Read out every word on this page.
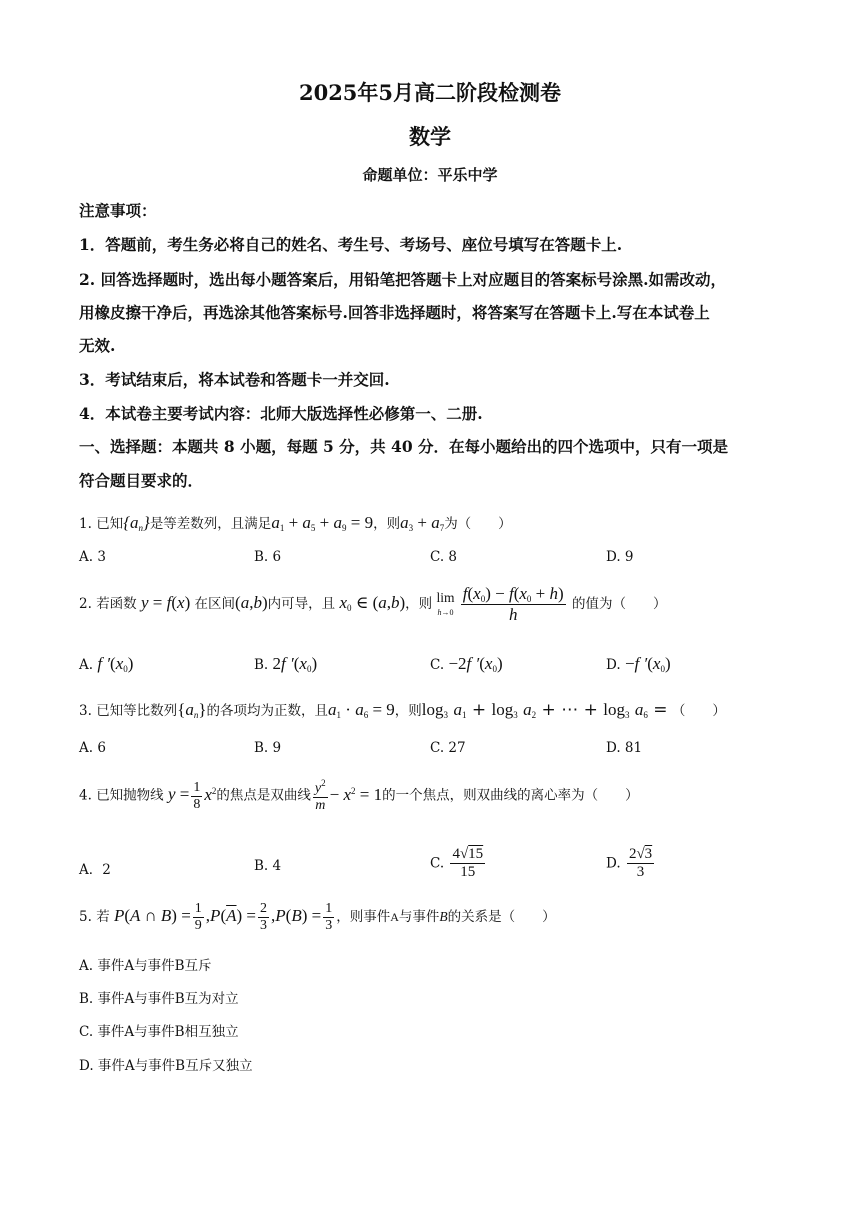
2025年5月高二阶段检测卷
数学
命题单位：平乐中学
注意事项：
1．答题前，考生务必将自己的姓名、考生号、考场号、座位号填写在答题卡上.
2. 回答选择题时，选出每小题答案后，用铅笔把答题卡上对应题目的答案标号涂黑.如需改动，
用橡皮擦干净后，再选涂其他答案标号.回答非选择题时，将答案写在答题卡上.写在本试卷上
无效.
3．考试结束后，将本试卷和答题卡一并交回.
4．本试卷主要考试内容：北师大版选择性必修第一、二册.
一、选择题：本题共 8 小题，每题 5 分，共 40 分．在每小题给出的四个选项中，只有一项是
符合题目要求的．
1. 已知$\{a_n\}$是等差数列，且满足$a_1 + a_5 + a_9 = 9$，则$a_3 + a_7$为（　　）
A. 3	B. 6	C. 8	D. 9
2. 若函数 y = f(x) 在区间(a,b)内可导，且 $x_0$ ∈ (a,b)，则 lim
$h\to 0 \frac{f(x_0) - f(x_0 + h)}{h}$ 的值为（　　）
A. f $'(x_0)$	B. 2f $'(x_0)$	C. −2f $'(x_0)$	D. −f $'(x_0)$
3. 已知等比数列$\{a_n\}$的各项均为正数，且$a_1 \cdot a_6 = 9$，则$\log_3 a_1 + \log_3 a_2$ + ⋯ + $\log_3 a_6$ = （　　）
A. 6	B. 9	C. 27	D. 81
4. 已知抛物线 $y = \frac{1}{8} x^2$的焦点是双曲线 $\frac{y^2}{m} - x^2 = 1$的一个焦点，则双曲线的离心率为（　　）
A．2	B. 4	C. $\frac{4√15}{15}$	D. $\frac{2√3}{3}$
5. 若 P(A ∩ $B) = \frac{1}{9} ,P(\overline{A}) = \frac{2}{3} ,P(B) = \frac{1}{3}$ ，则事件A与事件B的关系是（　　）
A. 事件A与事件B互斥
B. 事件A与事件B互为对立
C. 事件A与事件B相互独立
D. 事件A与事件B互斥又独立
